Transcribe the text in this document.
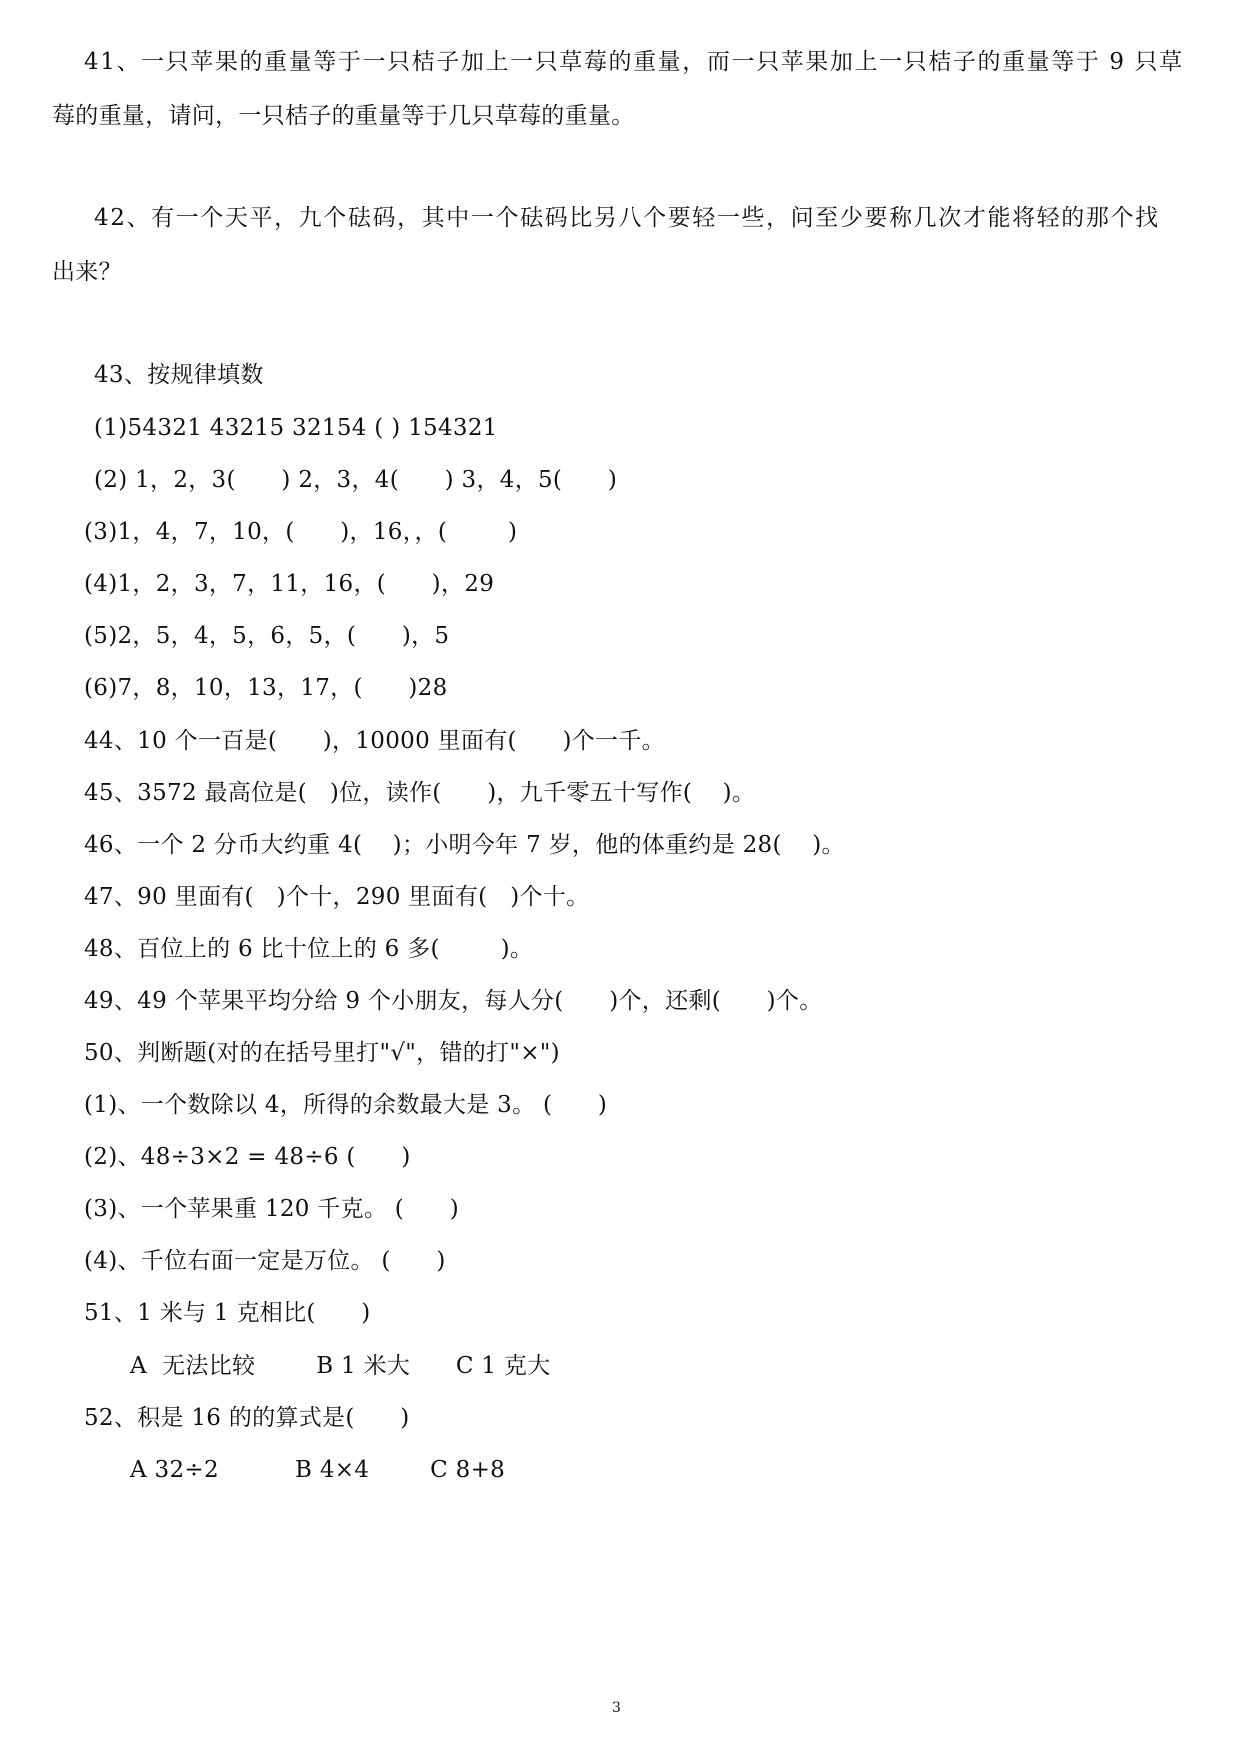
41、一只苹果的重量等于一只桔子加上一只草莓的重量，而一只苹果加上一只桔子的重量等于 9 只草
莓的重量，请问，一只桔子的重量等于几只草莓的重量。
42、有一个天平，九个砝码，其中一个砝码比另八个要轻一些，问至少要称几次才能将轻的那个找
出来？
43、按规律填数
(1)54321 43215 32154 ( ) 154321
(2) 1，2，3(      ) 2，3，4(      ) 3，4，5(      )
(3)1，4，7，10，(      )，16，，(        )
(4)1，2，3，7，11，16，(      )，29
(5)2，5，4，5，6，5，(      )，5
(6)7，8，10，13，17，(      )28
44、10 个一百是(      )，10000 里面有(      )个一千。
45、3572 最高位是(   )位，读作(      )，九千零五十写作(    )。
46、一个 2 分币大约重 4(    )；小明今年 7 岁，他的体重约是 28(    )。
47、90 里面有(   )个十，290 里面有(   )个十。
48、百位上的 6 比十位上的 6 多(        )。
49、49 个苹果平均分给 9 个小朋友，每人分(      )个，还剩(      )个。
50、判断题(对的在括号里打"√"，错的打"×")
(1)、一个数除以 4，所得的余数最大是 3。 (      )
(2)、48÷3×2 = 48÷6 (      )
(3)、一个苹果重 120 千克。 (      )
(4)、千位右面一定是万位。 (      )
51、1 米与 1 克相比(      )
A  无法比较        B 1 米大      C 1 克大
52、积是 16 的的算式是(      )
A 32÷2          B 4×4        C 8+8
3
